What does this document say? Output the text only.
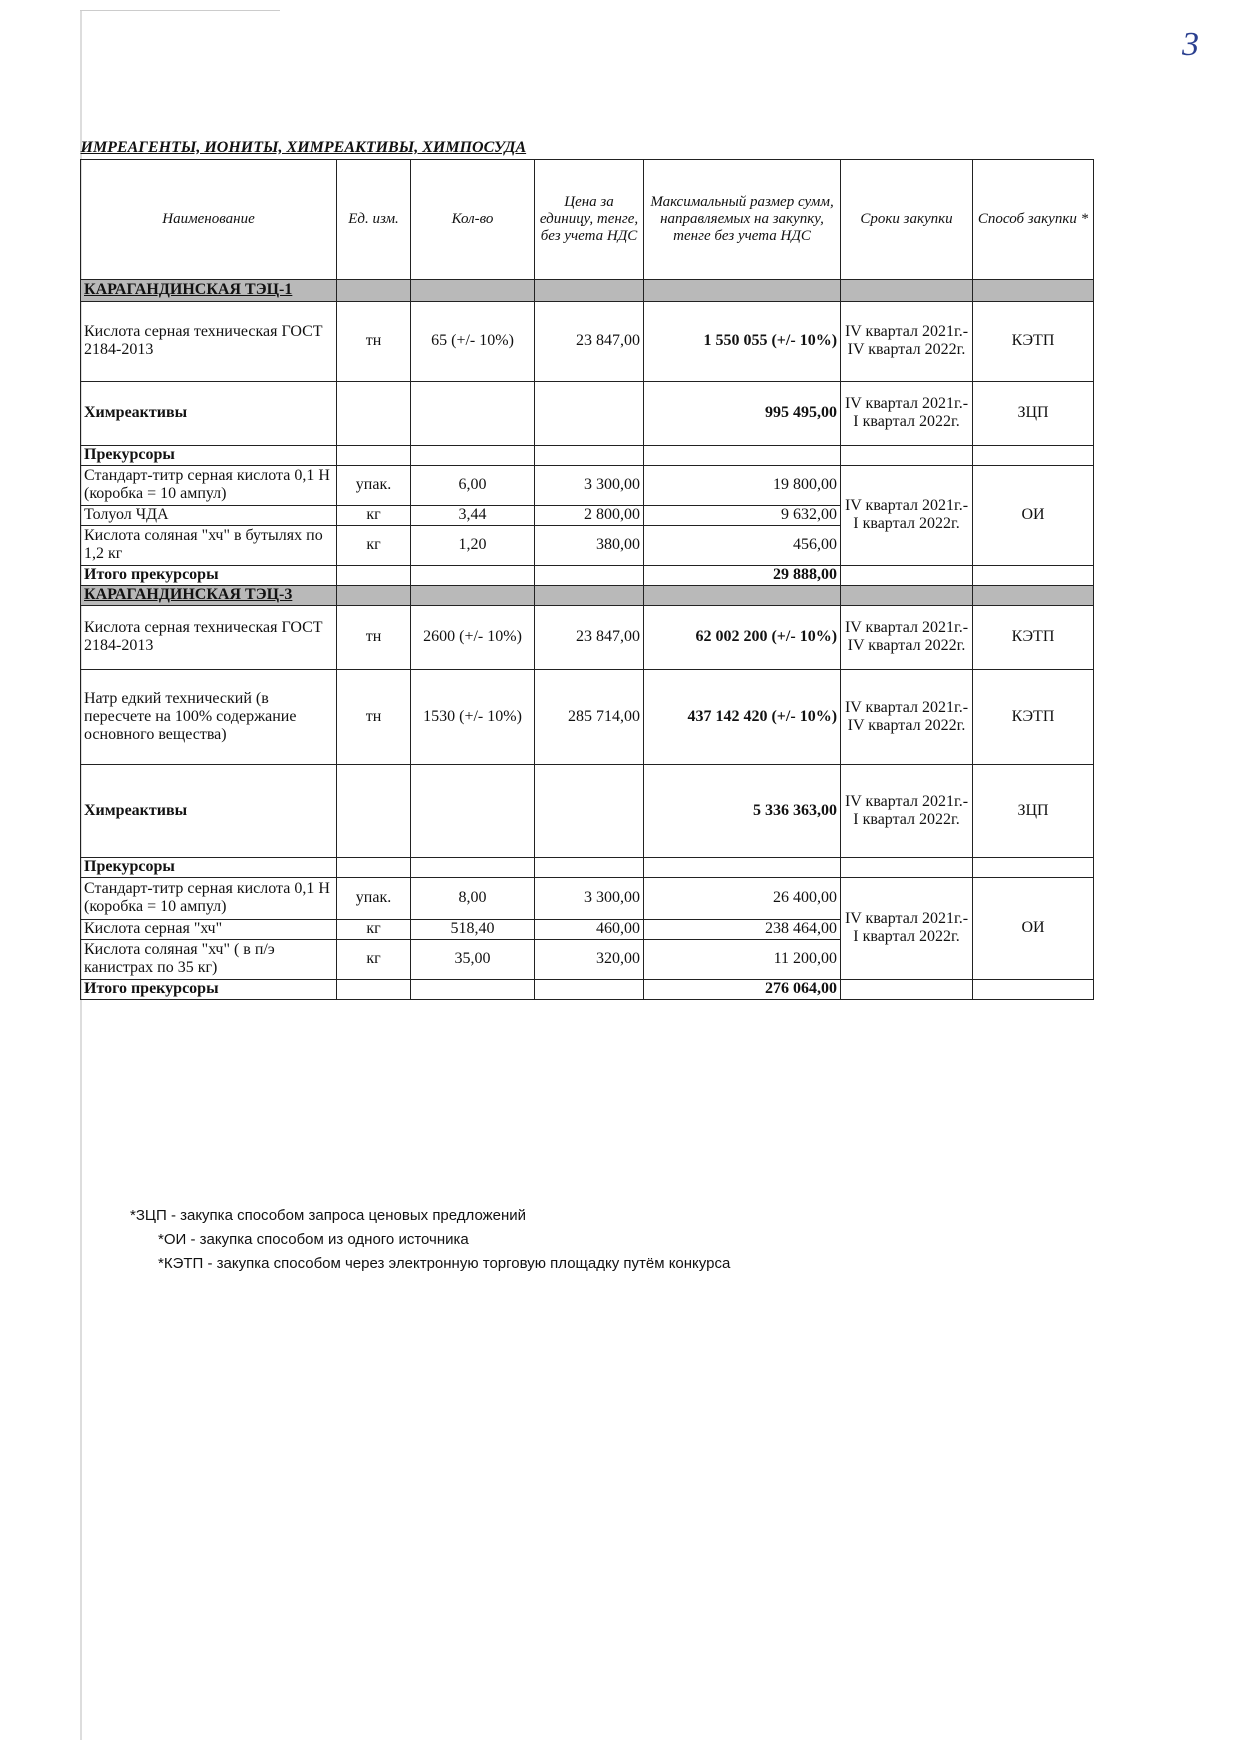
3
ИМРЕАГЕНТЫ, ИОНИТЫ, ХИМРЕАКТИВЫ, ХИМПОСУДА						
Наименование	Ед. изм.	Кол-во	Цена за единицу, тенге, без учета НДС	Максимальный размер сумм, направляемых на закупку, тенге без учета НДС	Сроки закупки	Способ закупки *
КАРАГАНДИНСКАЯ ТЭЦ-1						
Кислота серная техническая ГОСТ 2184-2013	тн	65 (+/- 10%)	23 847,00	1 550 055 (+/- 10%)	IV квартал 2021г.- IV квартал 2022г.	КЭТП
Химреактивы				995 495,00	IV квартал 2021г.- I квартал 2022г.	ЗЦП
Прекурсоры						
Стандарт-титр серная кислота 0,1 Н (коробка = 10 ампул)	упак.	6,00	3 300,00	19 800,00	IV квартал 2021г.- I квартал 2022г.	ОИ
Толуол ЧДА	кг	3,44	2 800,00	9 632,00		
Кислота соляная "хч" в бутылях по 1,2 кг	кг	1,20	380,00	456,00		
Итого прекурсоры				29 888,00		
КАРАГАНДИНСКАЯ ТЭЦ-3						
Кислота серная техническая ГОСТ 2184-2013	тн	2600 (+/- 10%)	23 847,00	62 002 200 (+/- 10%)	IV квартал 2021г.- IV квартал 2022г.	КЭТП
Натр едкий технический (в пересчете на 100% содержание основного вещества)	тн	1530 (+/- 10%)	285 714,00	437 142 420 (+/- 10%)	IV квартал 2021г.- IV квартал 2022г.	КЭТП
Химреактивы				5 336 363,00	IV квартал 2021г.- I квартал 2022г.	ЗЦП
Прекурсоры						
Стандарт-титр серная кислота 0,1 Н (коробка = 10 ампул)	упак.	8,00	3 300,00	26 400,00	IV квартал 2021г.- I квартал 2022г.	ОИ
Кислота серная "хч"	кг	518,40	460,00	238 464,00		
Кислота соляная "хч" ( в п/э канистрах по 35 кг)	кг	35,00	320,00	11 200,00		
Итого прекурсоры				276 064,00		
*ЗЦП - закупка способом запроса ценовых предложений
*ОИ - закупка способом из одного источника
*КЭТП - закупка способом через электронную торговую площадку путём конкурса
